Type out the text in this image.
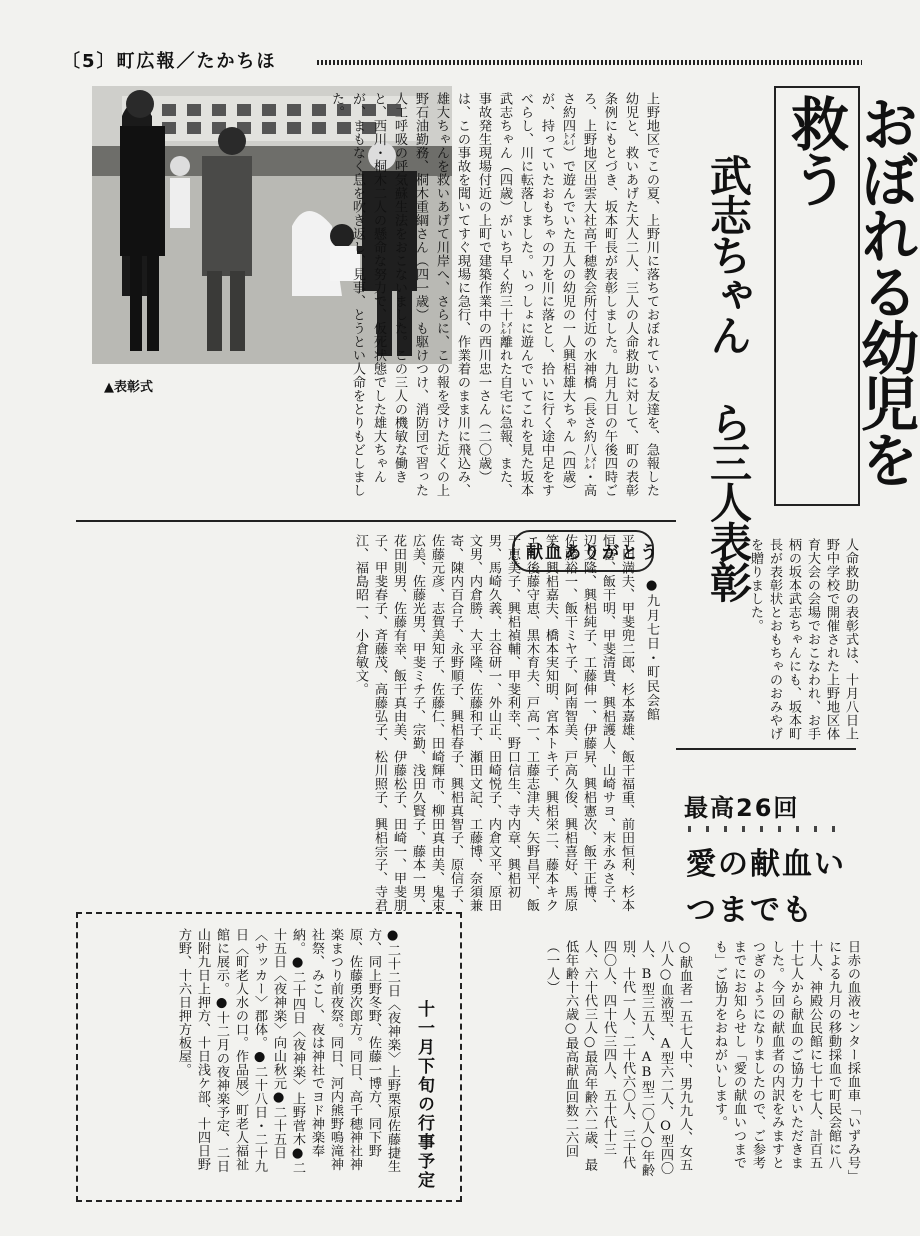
〔5〕町広報／たかちほ
▲表彰式	上野地区でこの夏、上野川に落ちておぼれている友達を、急報した幼児と、救いあげた大人二人、三人の人命救助に対して、町の表彰条例にもとづき、坂本町長が表彰しました。九月九日の午後四時ごろ、上野地区出雲大社高千穂教会所付近の水神橋（長さ約八㍍・高さ約四㍍）で遊んでいた五人の幼児の一人興梠雄大ちゃん（四歳）が、持っていたおもちゃの刀を川に落とし、拾いに行く途中足をすべらし、川に転落しました。いっしょに遊んでいてこれを見た坂本武志ちゃん（四歳）がいち早く約三十㍍離れた自宅に急報、また、事故発生現場付近の上町で建築作業中の西川忠一さん（二〇歳）は、この事故を聞いてすぐ現場に急行、作業着のまま川に飛込み、雄大ちゃんを救いあげて川岸へ、さらに、この報を受けた近くの上野石油勤務、桐木重綱さん（四一歳）も駆けつけ、消防団で習った人工呼吸の呼気蘇生法をおこないました。この三人の機敏な働きと、西川・桐木二人の懸命な努力で、仮死状態でした雄大ちゃんが、まもなく息を吹き返し、見事、とうとい人命をとりもどしました。	おぼれる幼児を救う
武志ちゃん ら三人表彰
人命救助の表彰式は、十月八日上野中学校で開催された上野地区体育大会の会場でおこなわれ、お手柄の坂本武志ちゃんにも、坂本町長が表彰状とおもちゃのおみやげを贈りました。
献血ありがとう
●九月七日・町民会館
平田満夫、甲斐兜二郎、杉本嘉雄、飯干福重、前田恒利、杉本恒喜、飯干明、甲斐清貴、興梠護人、山崎サヨ、末永みさ子、辺文隆、興梠純子、工藤伸一、伊藤昇、興梠憲次、飯干正博、佐藤裕一、飯干ミヤ子、阿南智美、戸高久俊、興梠喜好、馬原笑、興梠嘉夫、橋本実知明、宮本トキ子、興梠栄二、藤本キクエ、後藤守恵、黒木育夫、戸高一、工藤志津夫、矢野昌平、飯干恵美子、興梠禎輔、甲斐利幸、野口信生、寺内章、興梠初男、馬崎久義、土谷研一、外山正、田崎悦子、内倉文平、原田文男、内倉勝、大平隆、佐藤和子、瀬田文記、工藤博、奈須兼寄、陳内百合子、永野順子、興梠春子、興梠真智子、原信子、佐藤元彦、志賀美知子、佐藤仁、田崎輝市、柳田真由美、鬼束広美、佐藤光男、甲斐ミチ子、宗勤、浅田久賢子、藤本一男、花田則男、佐藤有幸、飯干真由美、伊藤松子、田崎一、甲斐朋子、甲斐春子、斉藤茂、高藤弘子、松川照子、興梠宗子、寺君江、福島昭一、小倉敏文。
最高26回
愛の献血いつまでも
日赤の血液センター採血車「いずみ号」による九月の移動採血で町民会館に八十人、神殿公民館に七十七人、計百五十七人から献血のご協力をいただきました。今回の献血者の内訳をみますとつぎのようになりましたので、ご参考までにお知らせし「愛の献血いつまでも」ご協力をおねがいします。
○献血者一五七人中、男九九人、女五八人○血液型、A型六二人、O型四〇人、B型三五人、AB型二〇人○年齢別、十代一人、二十代六〇人、三十代四〇人、四十代三四人、五十代十三人、六十代三人○最高年齢六二歳、最低年齢十六歳○最高献血回数二六回（一人）
十一月下旬の行事予定
●二十二日〈夜神楽〉上野栗原佐藤捷生方、同上野冬野、佐藤一博方、同下野原、佐藤勇次郎方。同日、高千穂神社神楽まつり前夜祭。同日、河内熊野鳴滝神社祭、みこし、夜は神社でヨド神楽奉納。●二十四日〈夜神楽〉上野菅木●二十五日〈夜神楽〉向山秋元●二十五日〈サッカー〉郡体。●二十八日・二十九日〈町老人水の口。作品展〉町老人福祉館に展示。●十二月の夜神楽予定、二日山附九日上押方、十日浅ケ部、十四日野方野、十六日押方板屋。
